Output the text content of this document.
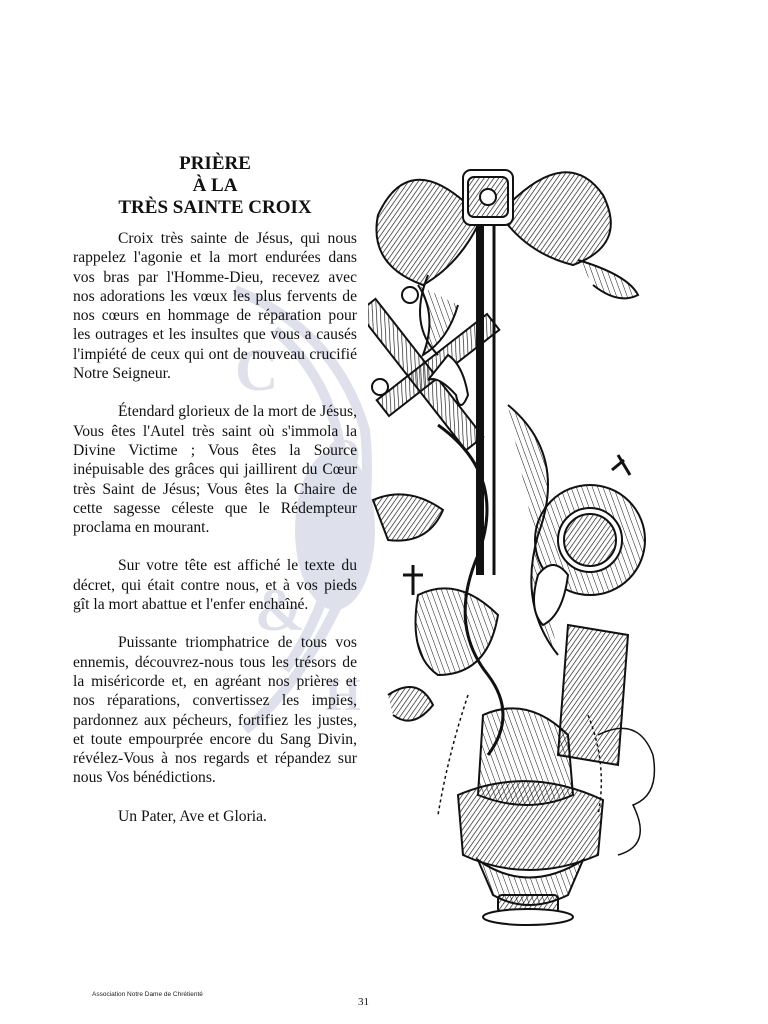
C
O
&
H
PRIÈRE
À LA
TRÈS SAINTE CROIX

Croix très sainte de Jésus, qui nous rappelez l'agonie et la mort endurées dans vos bras par l'Homme-Dieu, recevez avec nos adorations les vœux les plus fervents de nos cœurs en hommage de réparation pour les outrages et les insultes que vous a causés l'impiété de ceux qui ont de nouveau crucifié Notre Seigneur.

Étendard glorieux de la mort de Jésus, Vous êtes l'Autel très saint où s'immola la Divine Victime ; Vous êtes la Source inépuisable des grâces qui jaillirent du Cœur très Saint de Jésus; Vous êtes la Chaire de cette sagesse céleste que le Rédempteur proclama en mourant.

Sur votre tête est affiché le texte du décret, qui était contre nous, et à vos pieds gît la mort abattue et l'enfer enchaîné.

Puissante triomphatrice de tous vos ennemis, découvrez-nous tous les trésors de la miséricorde et, en agréant nos prières et nos réparations, convertissez les impies, pardonnez aux pécheurs, fortifiez les justes, et toute empourprée encore du Sang Divin, révélez-Vous à nos regards et répandez sur nous Vos bénédictions.

Un Pater, Ave et Gloria.

Association Notre Dame de Chrétienté
31
